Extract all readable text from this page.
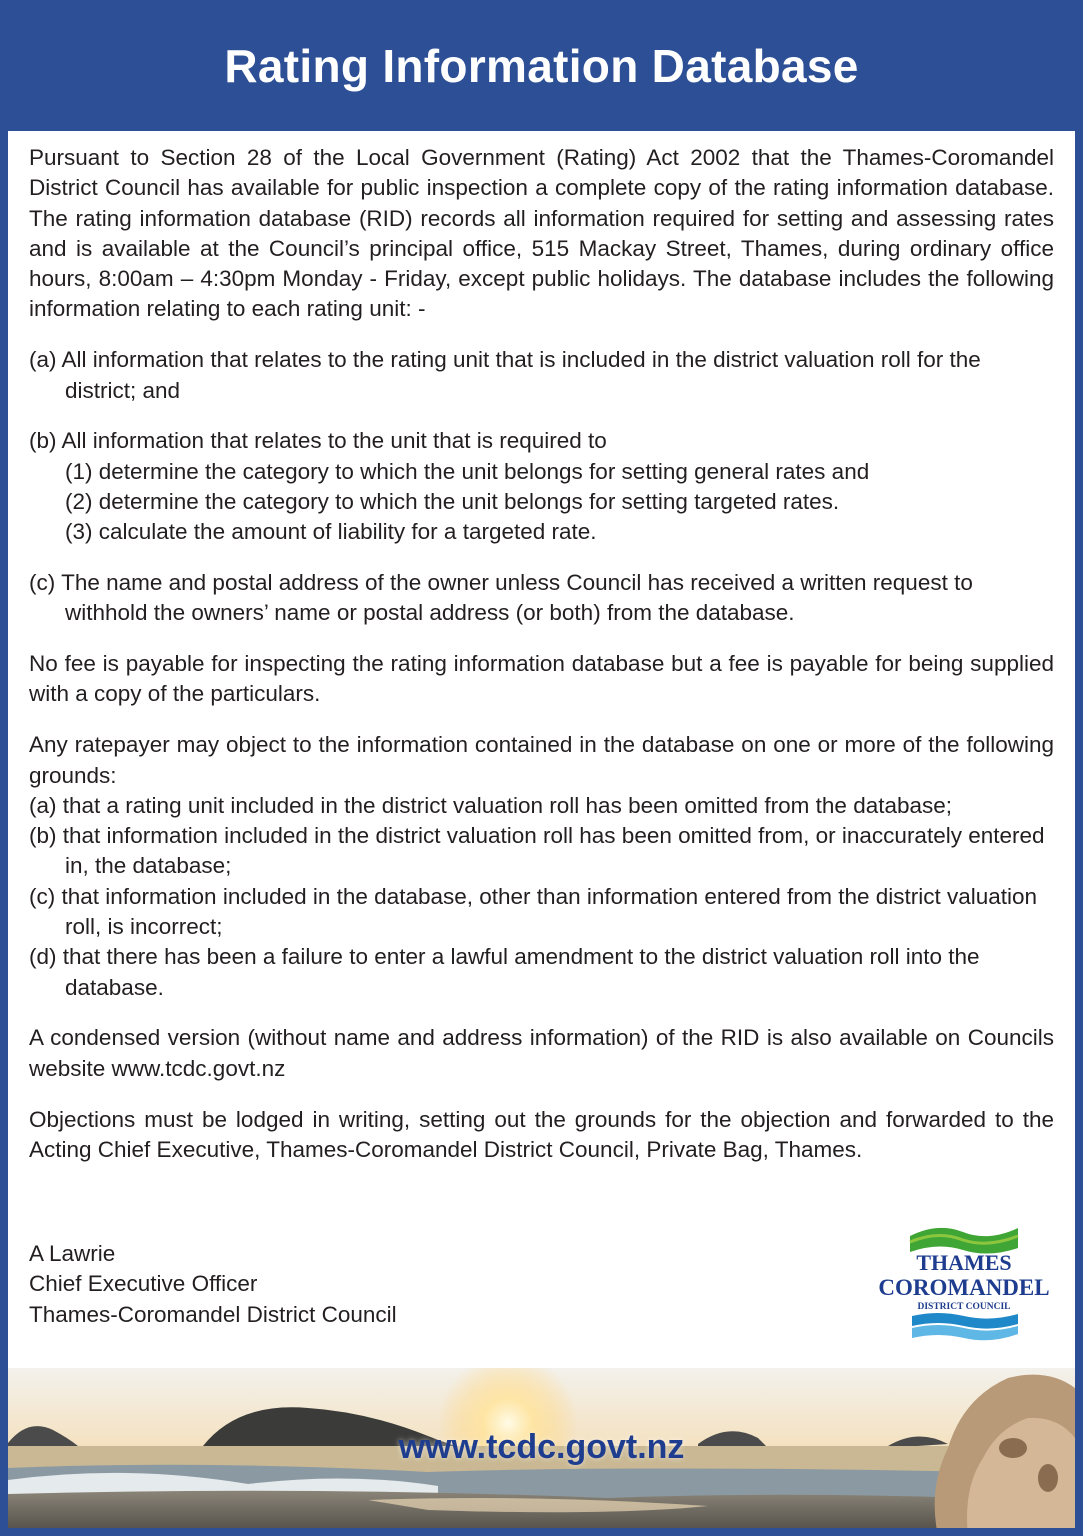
Rating Information Database

Pursuant to Section 28 of the Local Government (Rating) Act 2002 that the Thames-Coromandel District Council has available for public inspection a complete copy of the rating information database. The rating information database (RID) records all information required for setting and assessing rates and is available at the Council’s principal office, 515 Mackay Street, Thames, during ordinary office hours, 8:00am – 4:30pm Monday - Friday, except public holidays. The database includes the following information relating to each rating unit: -

(a) All information that relates to the rating unit that is included in the district valuation roll for the district; and
(b) All information that relates to the unit that is required to
(1) determine the category to which the unit belongs for setting general rates and
(2) determine the category to which the unit belongs for setting targeted rates.
(3) calculate the amount of liability for a targeted rate.
(c) The name and postal address of the owner unless Council has received a written request to withhold the owners’ name or postal address (or both) from the database.

No fee is payable for inspecting the rating information database but a fee is payable for being supplied with a copy of the particulars.

Any ratepayer may object to the information contained in the database on one or more of the following grounds:

(a) that a rating unit included in the district valuation roll has been omitted from the database;
(b) that information included in the district valuation roll has been omitted from, or inaccurately entered in, the database;
(c) that information included in the database, other than information entered from the district valuation roll, is incorrect;
(d) that there has been a failure to enter a lawful amendment to the district valuation roll into the database.

A condensed version (without name and address information) of the RID is also available on Councils website www.tcdc.govt.nz

Objections must be lodged in writing, setting out the grounds for the objection and forwarded to the Acting Chief Executive, Thames-Coromandel District Council, Private Bag, Thames.

A Lawrie
Chief Executive Officer
Thames-Coromandel District Council
THAMES
COROMANDEL
DISTRICT COUNCIL
www.tcdc.govt.nz
